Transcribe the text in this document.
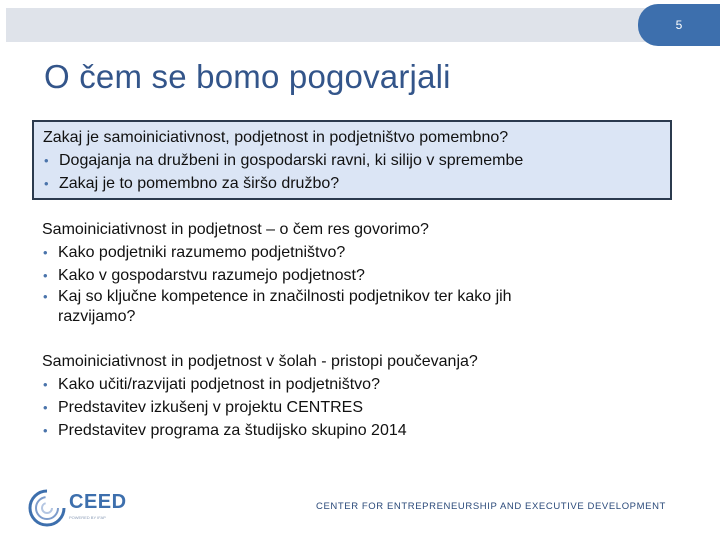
5
O čem se bomo pogovarjali
Zakaj je samoiniciativnost, podjetnost in podjetništvo pomembno?
• Dogajanja na družbeni in gospodarski ravni, ki silijo v spremembe
• Zakaj je to pomembno za širšo družbo?
Samoiniciativnost in podjetnost – o čem res govorimo?
• Kako podjetniki razumemo podjetništvo?
• Kako v gospodarstvu razumejo podjetnost?
• Kaj so ključne kompetence in značilnosti podjetnikov ter kako jih
razvijamo?
Samoiniciativnost in podjetnost v šolah - pristopi poučevanja?
• Kako učiti/razvijati podjetnost in podjetništvo?
• Predstavitev izkušenj v projektu CENTRES
• Predstavitev programa za študijsko skupino 2014
CEED
POWERED BY IFAP
CENTER FOR ENTREPRENEURSHIP AND EXECUTIVE DEVELOPMENT
